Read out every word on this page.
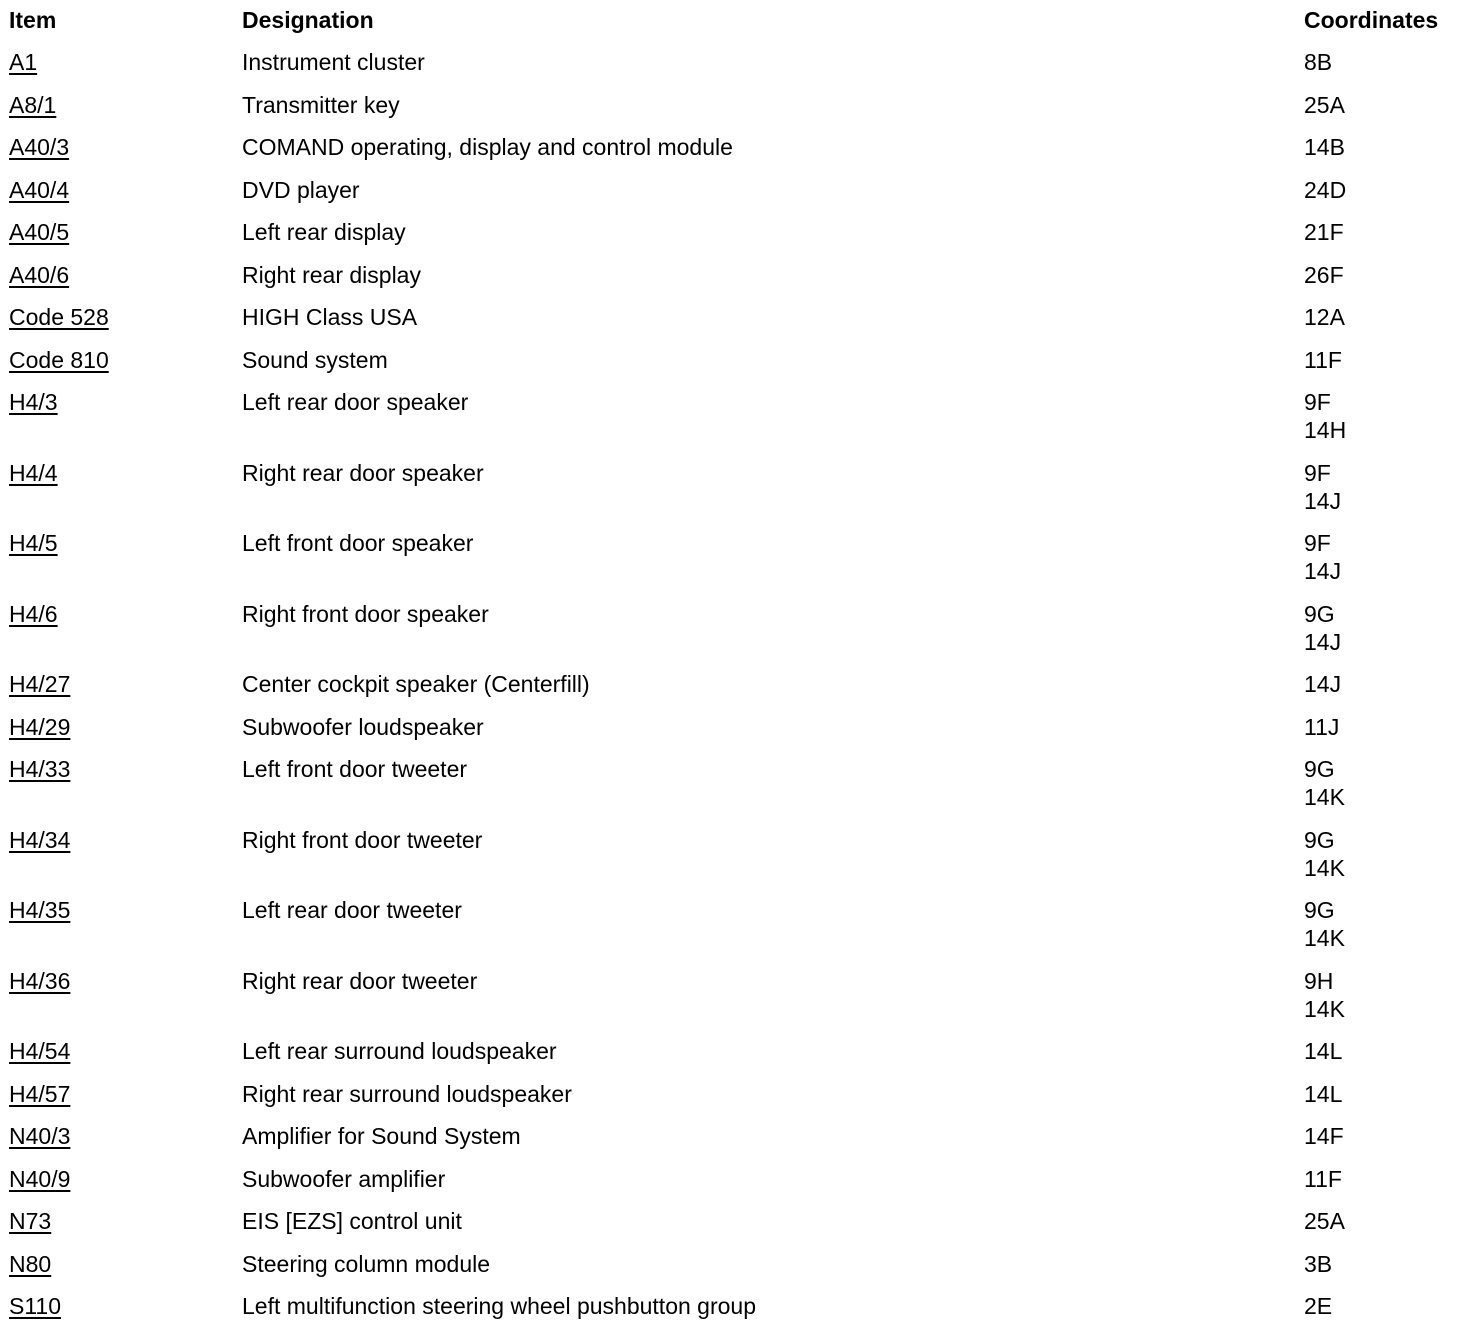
Item	Designation	Coordinates
A1	Instrument cluster	8B
A8/1	Transmitter key	25A
A40/3	COMAND operating, display and control module	14B
A40/4	DVD player	24D
A40/5	Left rear display	21F
A40/6	Right rear display	26F
Code 528	HIGH Class USA	12A
Code 810	Sound system	11F
H4/3	Left rear door speaker	9F
14H
H4/4	Right rear door speaker	9F
14J
H4/5	Left front door speaker	9F
14J
H4/6	Right front door speaker	9G
14J
H4/27	Center cockpit speaker (Centerfill)	14J
H4/29	Subwoofer loudspeaker	11J
H4/33	Left front door tweeter	9G
14K
H4/34	Right front door tweeter	9G
14K
H4/35	Left rear door tweeter	9G
14K
H4/36	Right rear door tweeter	9H
14K
H4/54	Left rear surround loudspeaker	14L
H4/57	Right rear surround loudspeaker	14L
N40/3	Amplifier for Sound System	14F
N40/9	Subwoofer amplifier	11F
N73	EIS [EZS] control unit	25A
N80	Steering column module	3B
S110	Left multifunction steering wheel pushbutton group	2E
